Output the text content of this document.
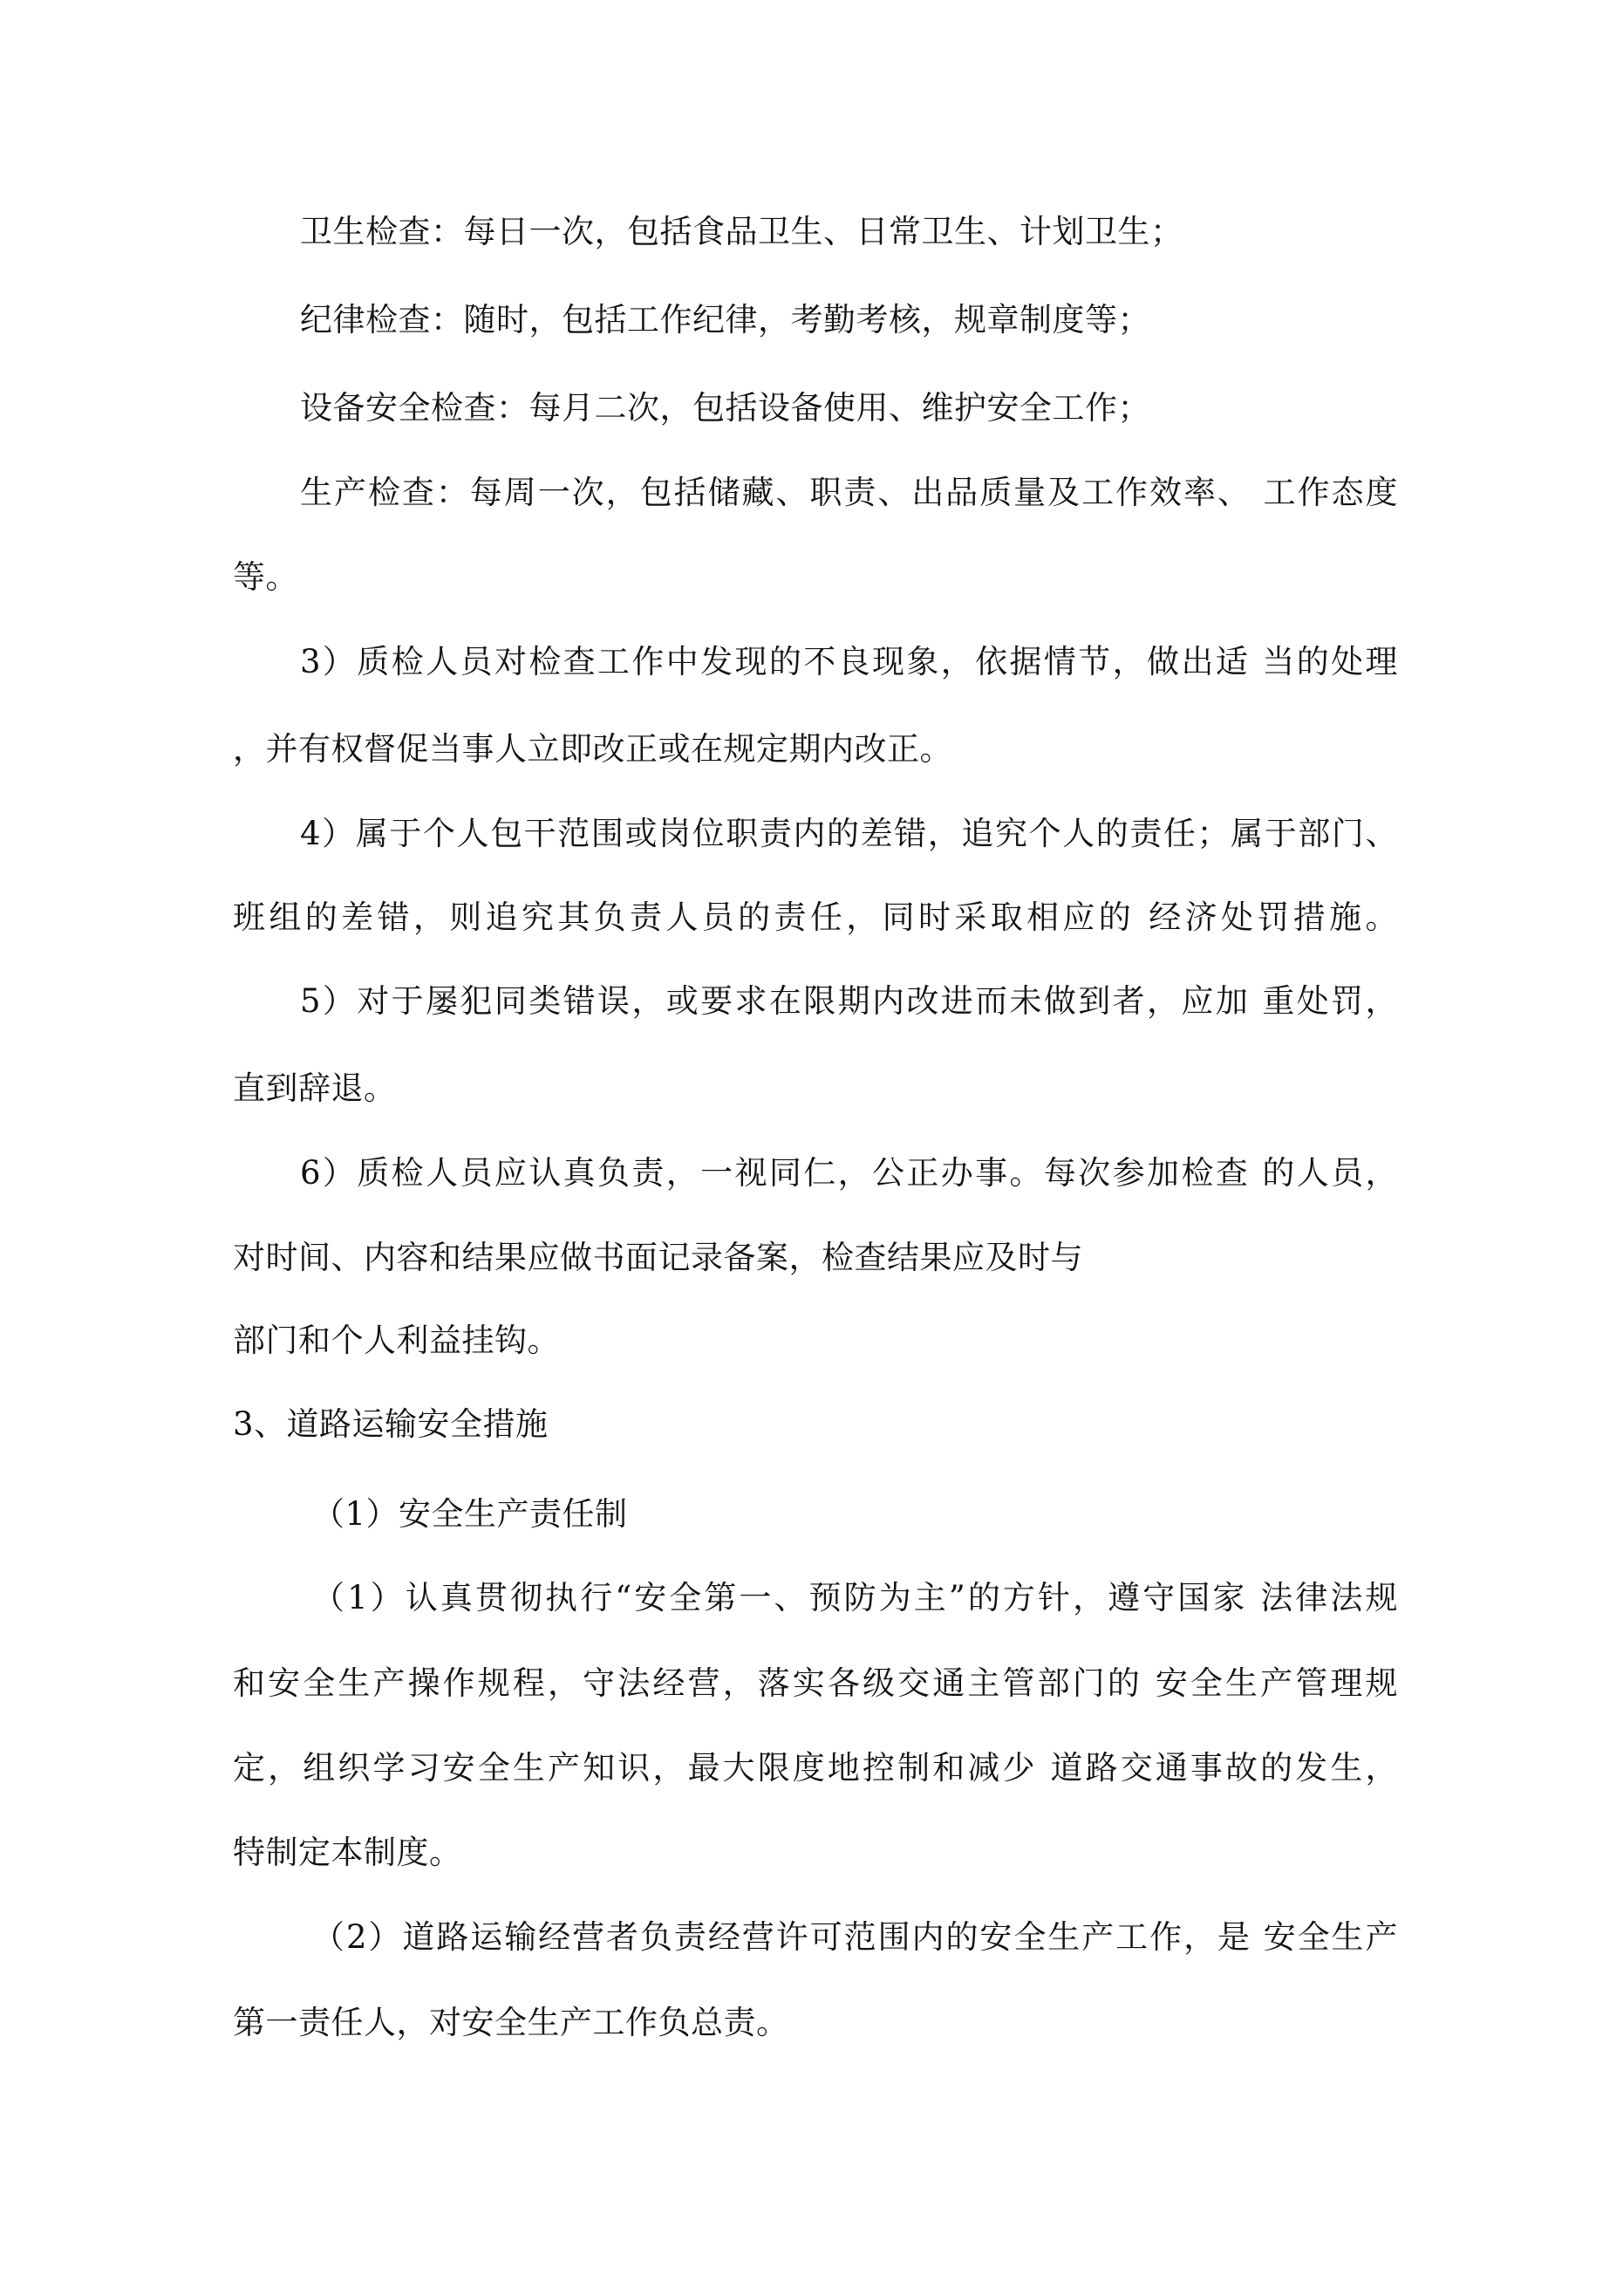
卫生检查：每日一次，包括食品卫生、日常卫生、计划卫生；
纪律检查：随时，包括工作纪律，考勤考核，规章制度等；
设备安全检查：每月二次，包括设备使用、维护安全工作；
生产检查：每周一次，包括储藏、职责、出品质量及工作效率、 工作态度
等。
3）质检人员对检查工作中发现的不良现象，依据情节，做出适 当的处理
，并有权督促当事人立即改正或在规定期内改正。
4）属于个人包干范围或岗位职责内的差错，追究个人的责任；属于部门、
班组的差错，则追究其负责人员的责任，同时采取相应的 经济处罚措施。
5）对于屡犯同类错误，或要求在限期内改进而未做到者，应加 重处罚，
直到辞退。
6）质检人员应认真负责，一视同仁，公正办事。每次参加检查 的人员，
对时间、内容和结果应做书面记录备案，检查结果应及时与
部门和个人利益挂钩。
3、道路运输安全措施
（1）安全生产责任制
（1）认真贯彻执行“安全第一、预防为主”的方针，遵守国家 法律法规
和安全生产操作规程，守法经营，落实各级交通主管部门的 安全生产管理规
定，组织学习安全生产知识，最大限度地控制和减少 道路交通事故的发生，
特制定本制度。
（2）道路运输经营者负责经营许可范围内的安全生产工作，是 安全生产
第一责任人，对安全生产工作负总责。
